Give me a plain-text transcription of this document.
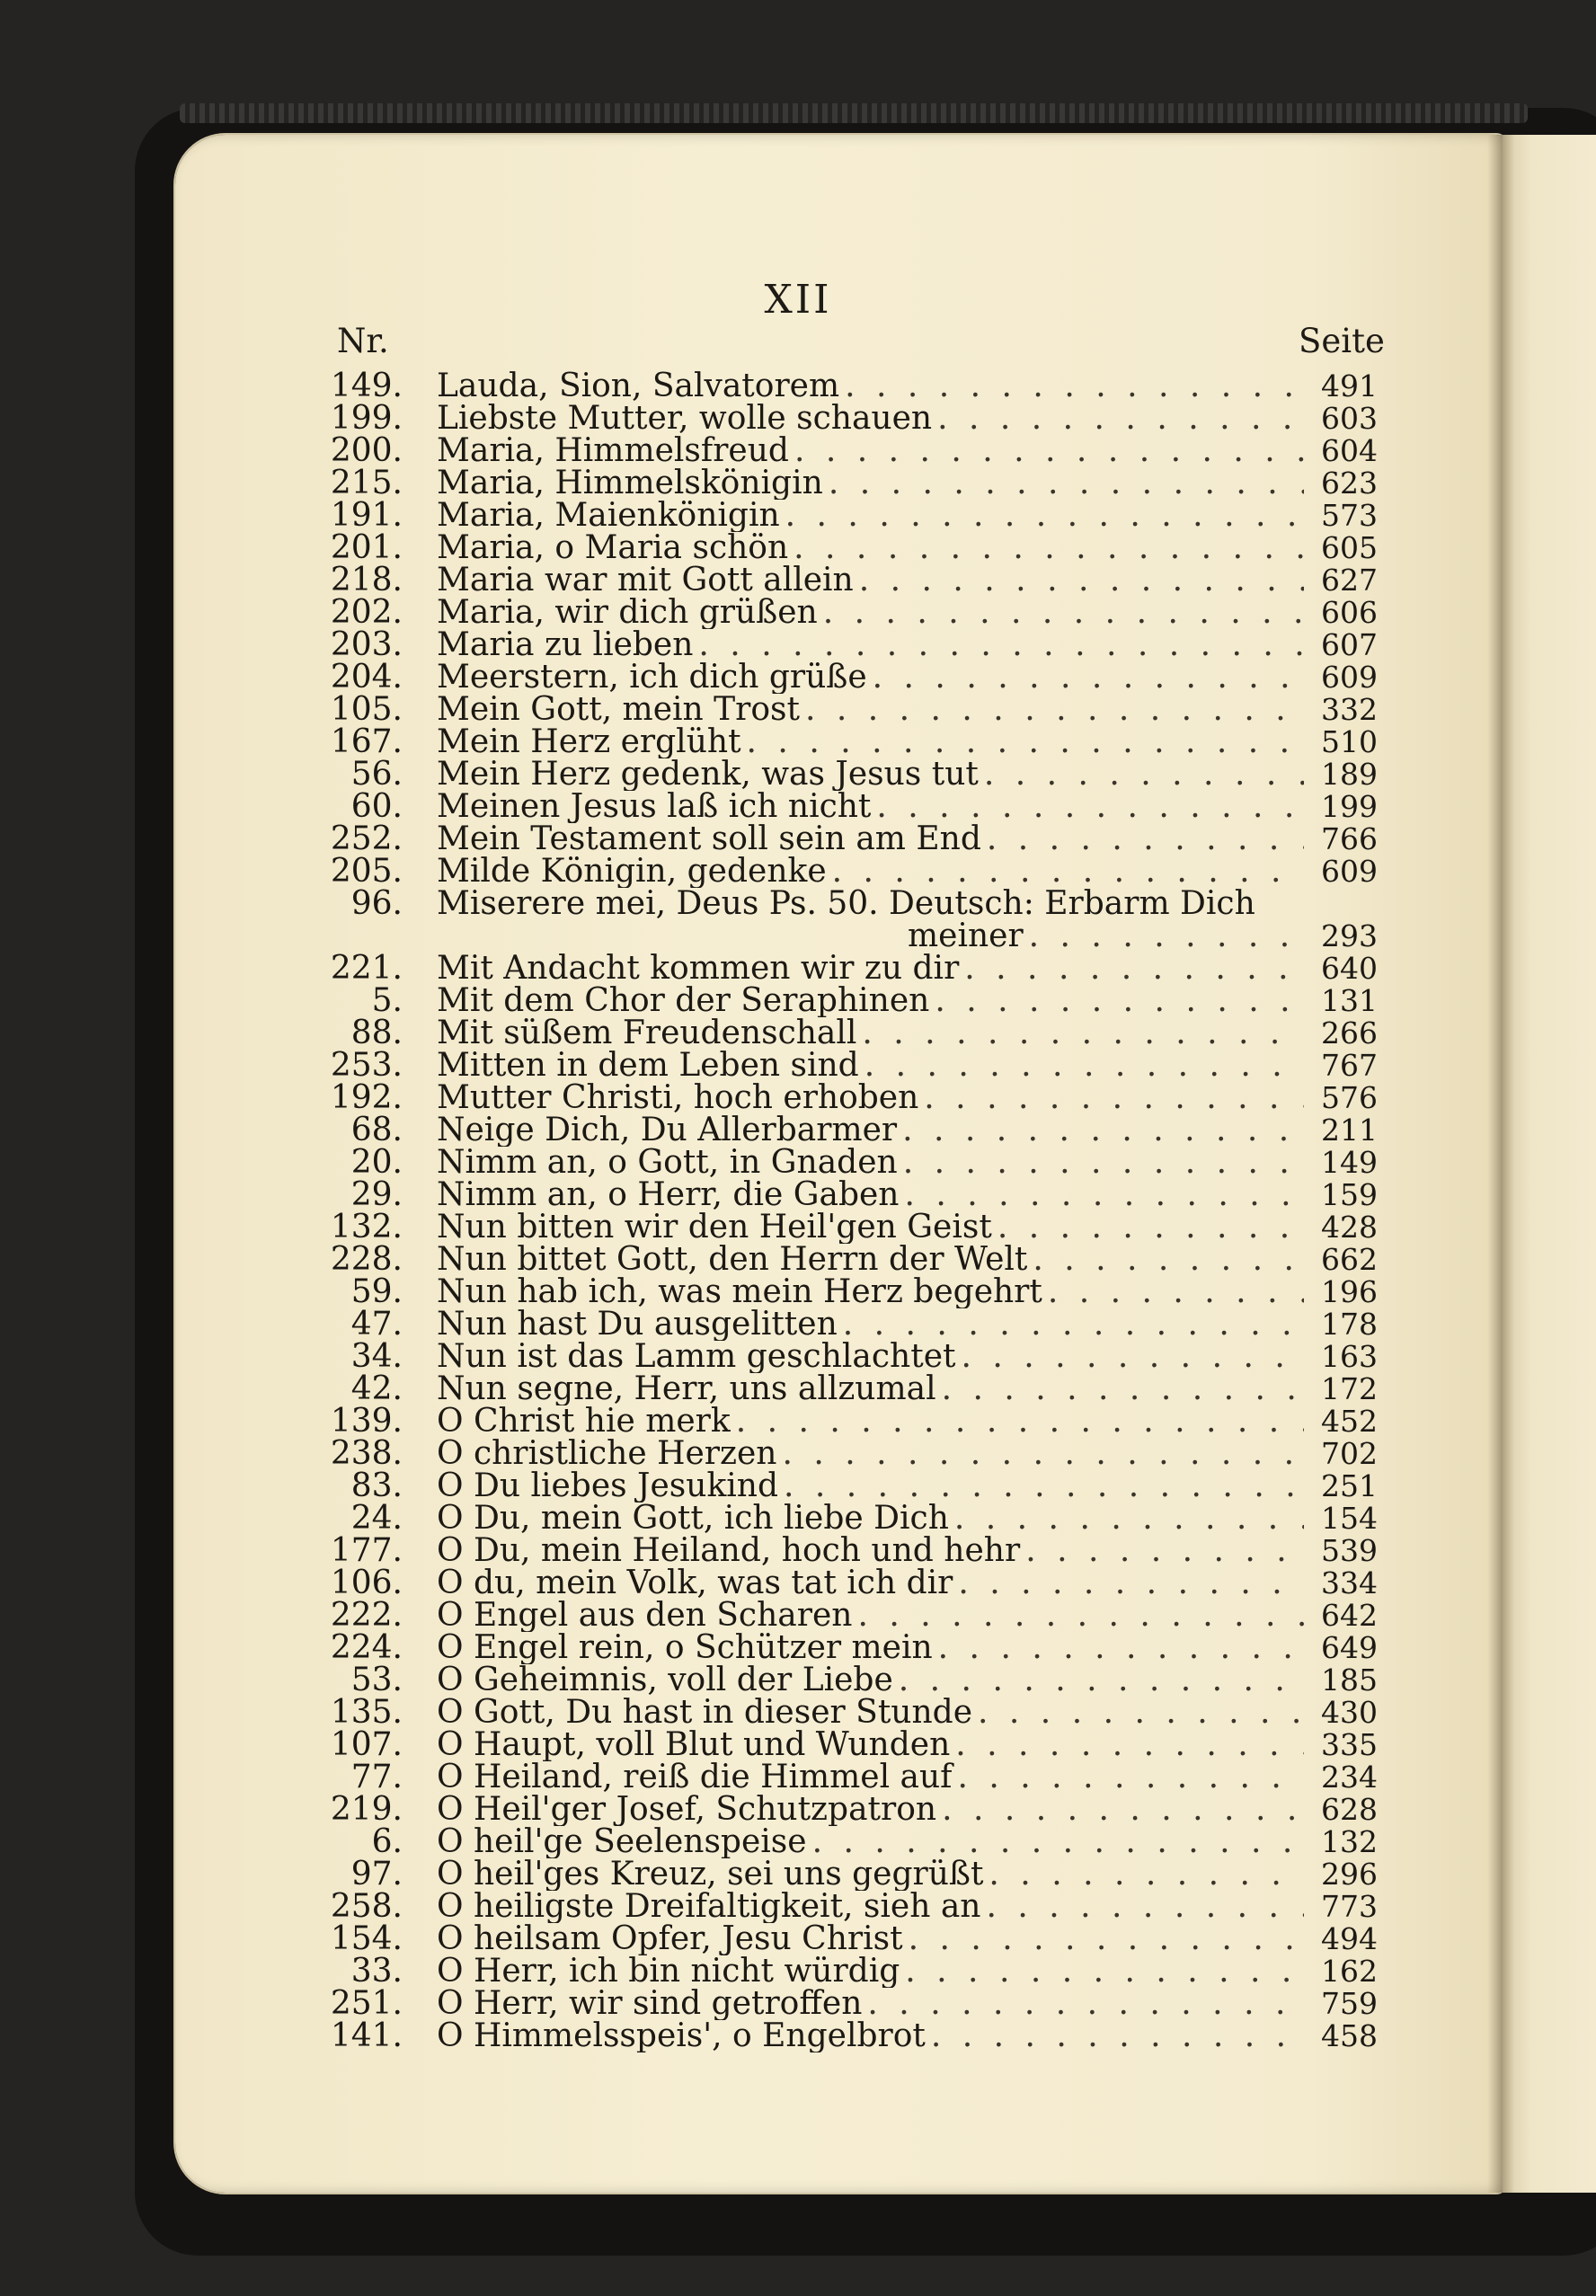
XII
Nr.	Seite
149. Lauda, Sion, Salvatorem . . .	491
199. Liebste Mutter, wolle schauen . . .	603
200. Maria, Himmelsfreud . . .	604
215. Maria, Himmelskönigin . . .	623
191. Maria, Maienkönigin . . .	573
201. Maria, o Maria schön . . .	605
218. Maria war mit Gott allein . . .	627
202. Maria, wir dich grüßen . . .	606
203. Maria zu lieben . . .	607
204. Meerstern, ich dich grüße . . .	609
105. Mein Gott, mein Trost . . .	332
167. Mein Herz erglüht . . .	510
56. Mein Herz gedenk, was Jesus tut . . .	189
60. Meinen Jesus laß ich nicht . . .	199
252. Mein Testament soll sein am End . . .	766
205. Milde Königin, gedenke . . .	609
96. Miserere mei, Deus Ps. 50. Deutsch: Erbarm Dich
meiner . . .	293
221. Mit Andacht kommen wir zu dir . . .	640
5. Mit dem Chor der Seraphinen . . .	131
88. Mit süßem Freudenschall . . .	266
253. Mitten in dem Leben sind . . .	767
192. Mutter Christi, hoch erhoben . . .	576
68. Neige Dich, Du Allerbarmer . . .	211
20. Nimm an, o Gott, in Gnaden . . .	149
29. Nimm an, o Herr, die Gaben . . .	159
132. Nun bitten wir den Heil'gen Geist . . .	428
228. Nun bittet Gott, den Herrn der Welt . . .	662
59. Nun hab ich, was mein Herz begehrt . . .	196
47. Nun hast Du ausgelitten . . .	178
34. Nun ist das Lamm geschlachtet . . .	163
42. Nun segne, Herr, uns allzumal . . .	172
139. O Christ hie merk . . .	452
238. O christliche Herzen . . .	702
83. O Du liebes Jesukind . . .	251
24. O Du, mein Gott, ich liebe Dich . . .	154
177. O Du, mein Heiland, hoch und hehr . . .	539
106. O du, mein Volk, was tat ich dir . . .	334
222. O Engel aus den Scharen . . .	642
224. O Engel rein, o Schützer mein . . .	649
53. O Geheimnis, voll der Liebe . . .	185
135. O Gott, Du hast in dieser Stunde . . .	430
107. O Haupt, voll Blut und Wunden . . .	335
77. O Heiland, reiß die Himmel auf . . .	234
219. O Heil'ger Josef, Schutzpatron . . .	628
6. O heil'ge Seelenspeise . . .	132
97. O heil'ges Kreuz, sei uns gegrüßt . . .	296
258. O heiligste Dreifaltigkeit, sieh an . . .	773
154. O heilsam Opfer, Jesu Christ . . .	494
33. O Herr, ich bin nicht würdig . . .	162
251. O Herr, wir sind getroffen . . .	759
141. O Himmelsspeis', o Engelbrot . . .	458
